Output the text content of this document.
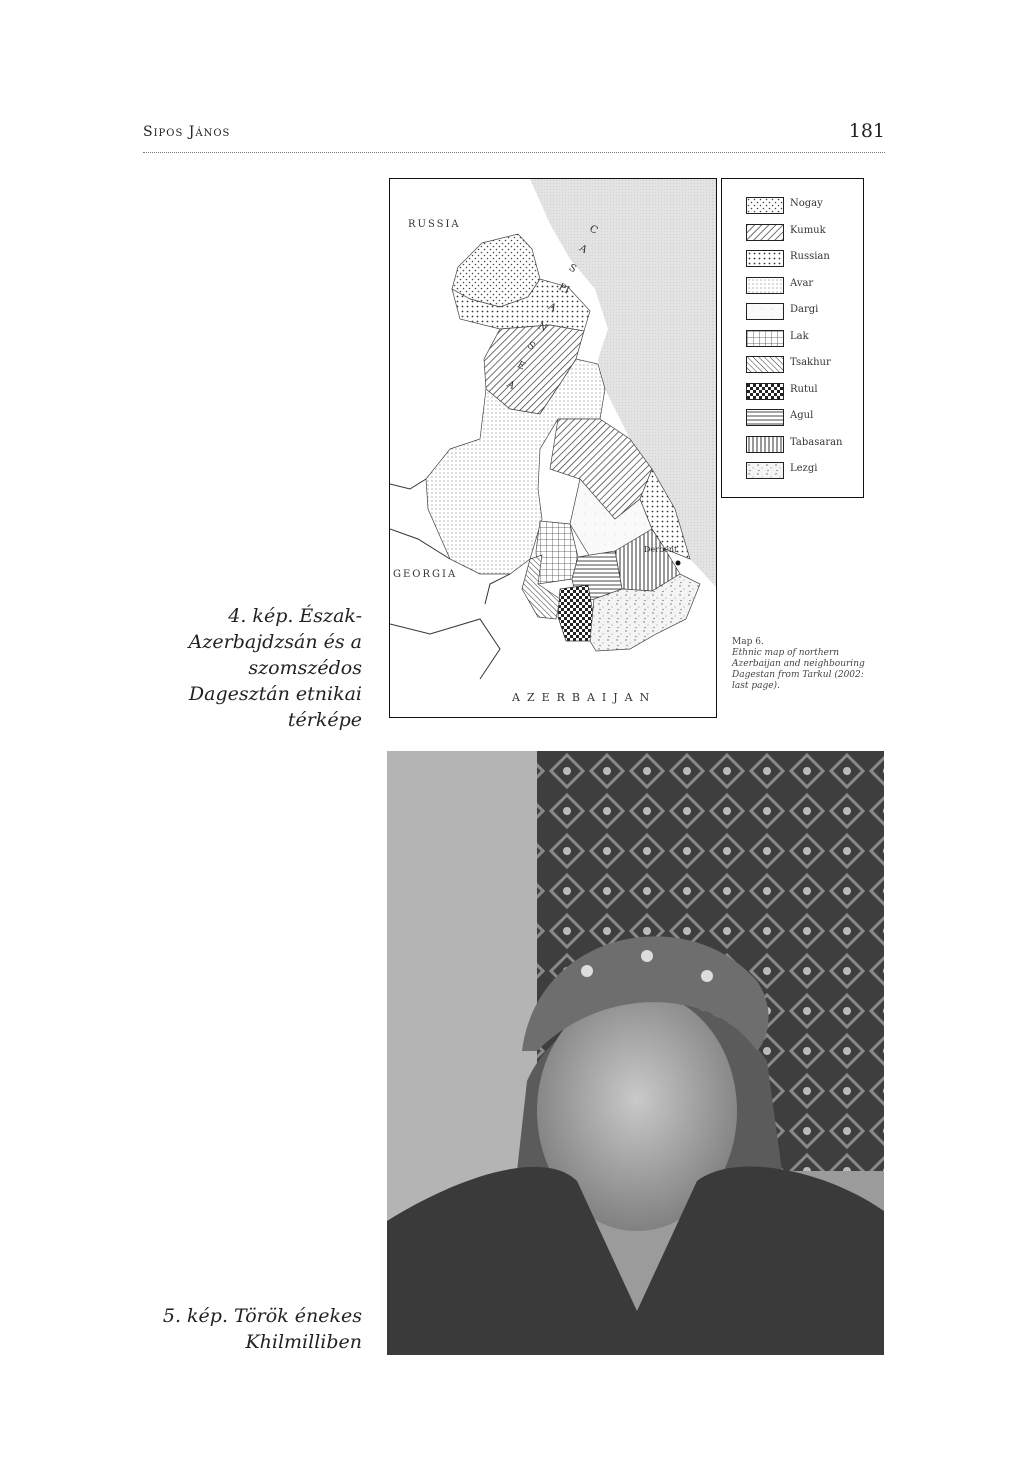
Sipos János	181
RUSSIA
GEORGIA
AZERBAIJAN
Derbent
CASPIAN SEA
Nogay
Kumuk
Russian
Avar
Dargi
Lak
Tsakhur
Rutul
Agul
Tabasaran
Lezgi
Map 6.
Ethnic map of northern Azerbaijan and neighbouring Dagestan from Tarkul (2002: last page).
4. kép. Észak-Azerbajdzsán és a szomszédos Dagesztán etnikai térképe
5. kép. Török énekes Khilmilliben
